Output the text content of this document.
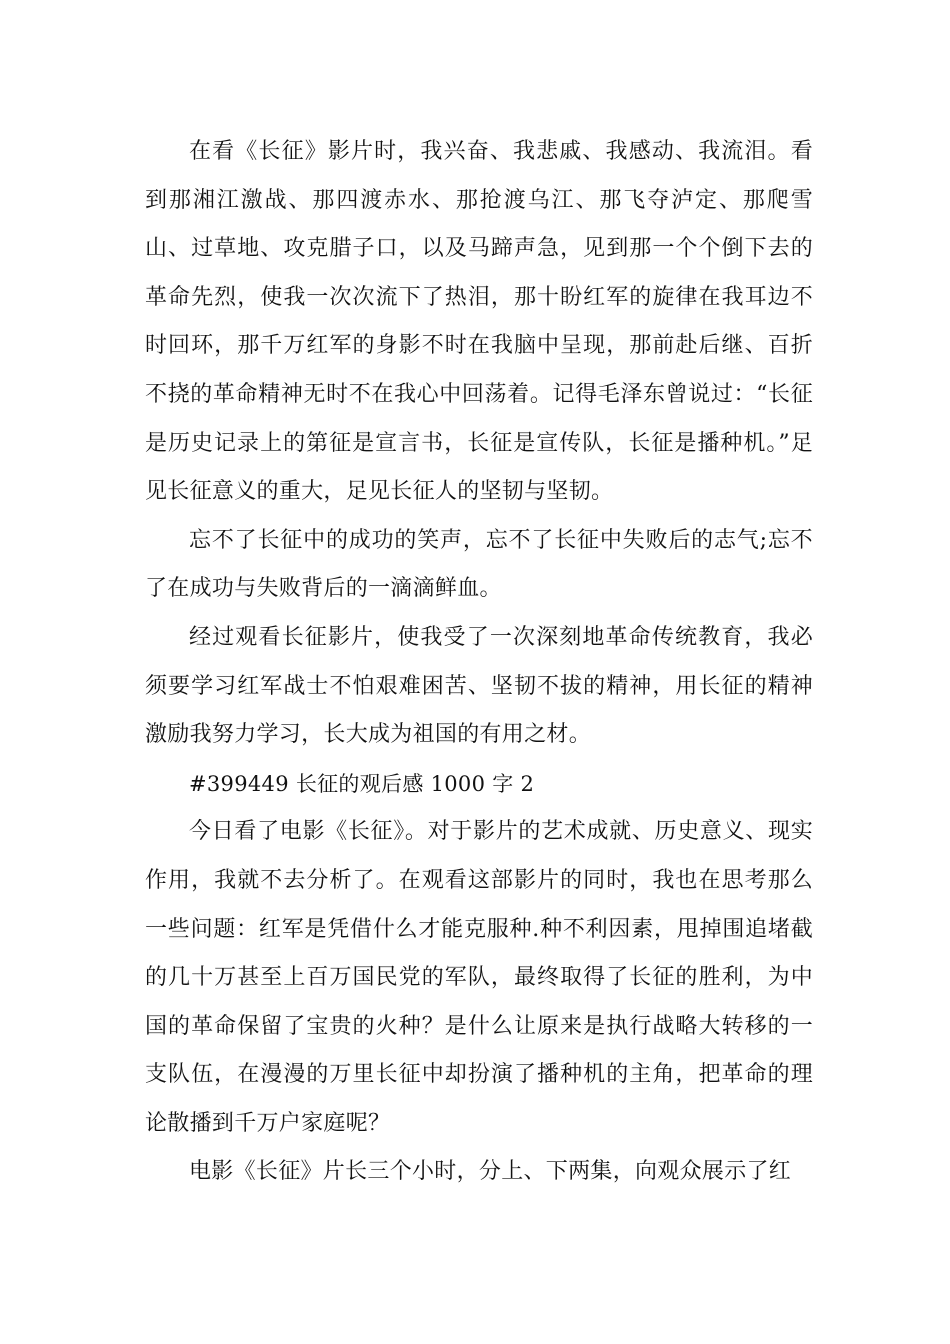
在看《长征》影片时，我兴奋、我悲戚、我感动、我流泪。看到那湘江激战、那四渡赤水、那抢渡乌江、那飞夺泸定、那爬雪山、过草地、攻克腊子口，以及马蹄声急，见到那一个个倒下去的革命先烈，使我一次次流下了热泪，那十盼红军的旋律在我耳边不时回环，那千万红军的身影不时在我脑中呈现，那前赴后继、百折不挠的革命精神无时不在我心中回荡着。记得毛泽东曾说过：“长征是历史记录上的第征是宣言书，长征是宣传队，长征是播种机。”足见长征意义的重大，足见长征人的坚韧与坚韧。

忘不了长征中的成功的笑声，忘不了长征中失败后的志气;忘不了在成功与失败背后的一滴滴鲜血。

经过观看长征影片，使我受了一次深刻地革命传统教育，我必须要学习红军战士不怕艰难困苦、坚韧不拔的精神，用长征的精神激励我努力学习，长大成为祖国的有用之材。

#399449 长征的观后感 1000 字 2

今日看了电影《长征》。对于影片的艺术成就、历史意义、现实作用，我就不去分析了。在观看这部影片的同时，我也在思考那么一些问题：红军是凭借什么才能克服种.种不利因素，甩掉围追堵截的几十万甚至上百万国民党的军队，最终取得了长征的胜利，为中国的革命保留了宝贵的火种？是什么让原来是执行战略大转移的一支队伍，在漫漫的万里长征中却扮演了播种机的主角，把革命的理论散播到千万户家庭呢？

电影《长征》片长三个小时，分上、下两集，向观众展示了红
